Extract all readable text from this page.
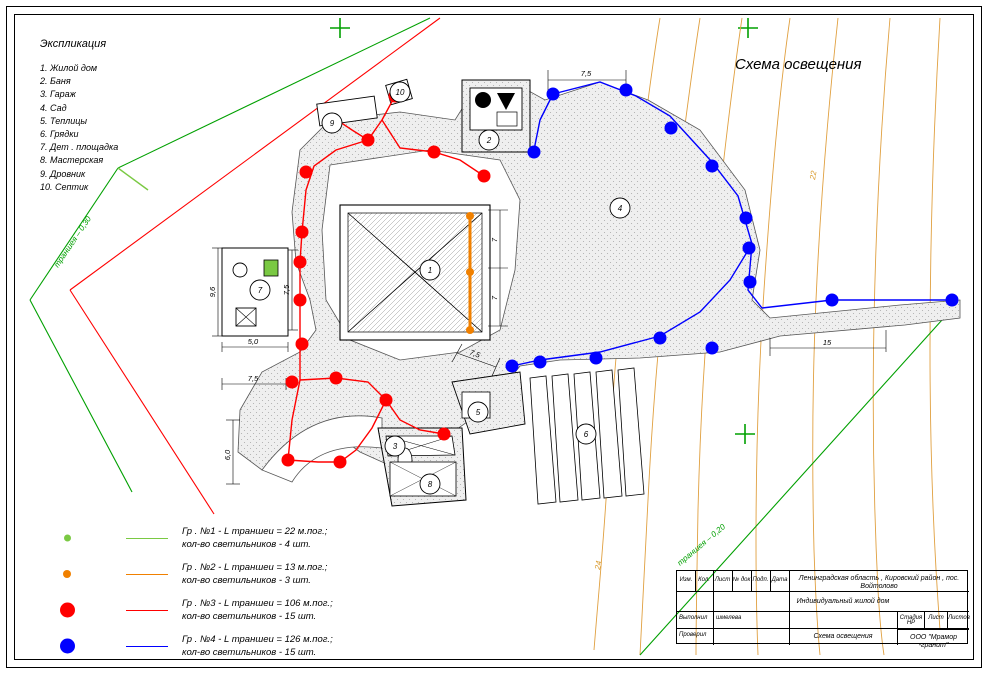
22
24
траншея – 0,30
траншея – 0,20
7,5
7
7
9,6	7,5
5,0
7,5
6,0
7,5
15
1
2
3
4
5
6
7
8
9
10
Экспликация
1. Жилой дом
2. Баня
3. Гараж
4. Сад
5. Теплицы
6. Грядки
7. Дет . площадка
8. Мастерская
9. Дровник
10. Септик
Схема освещения
Гр . №1 - L траншеи = 22 м.пог.;
кол-во светильников - 4 шт.
Гр . №2 - L траншеи = 13 м.пог.;
кол-во светильников - 3 шт.
Гр . №3 - L траншеи = 106 м.пог.;
кол-во светильников - 15 шт.
Гр . №4 - L траншеи = 126 м.пог.;
кол-во светильников - 15 шт.
Изм. Кол. Лист № док Подп. Дата
Выполнил	шмелева
Проверил
Ленинградская область , Кировский район , пос.
Войтолово
Индивидуальный жилой дом
Схема освещения
Стадия	Лист Листов
НР
ООО "Мрамор -гранит"
